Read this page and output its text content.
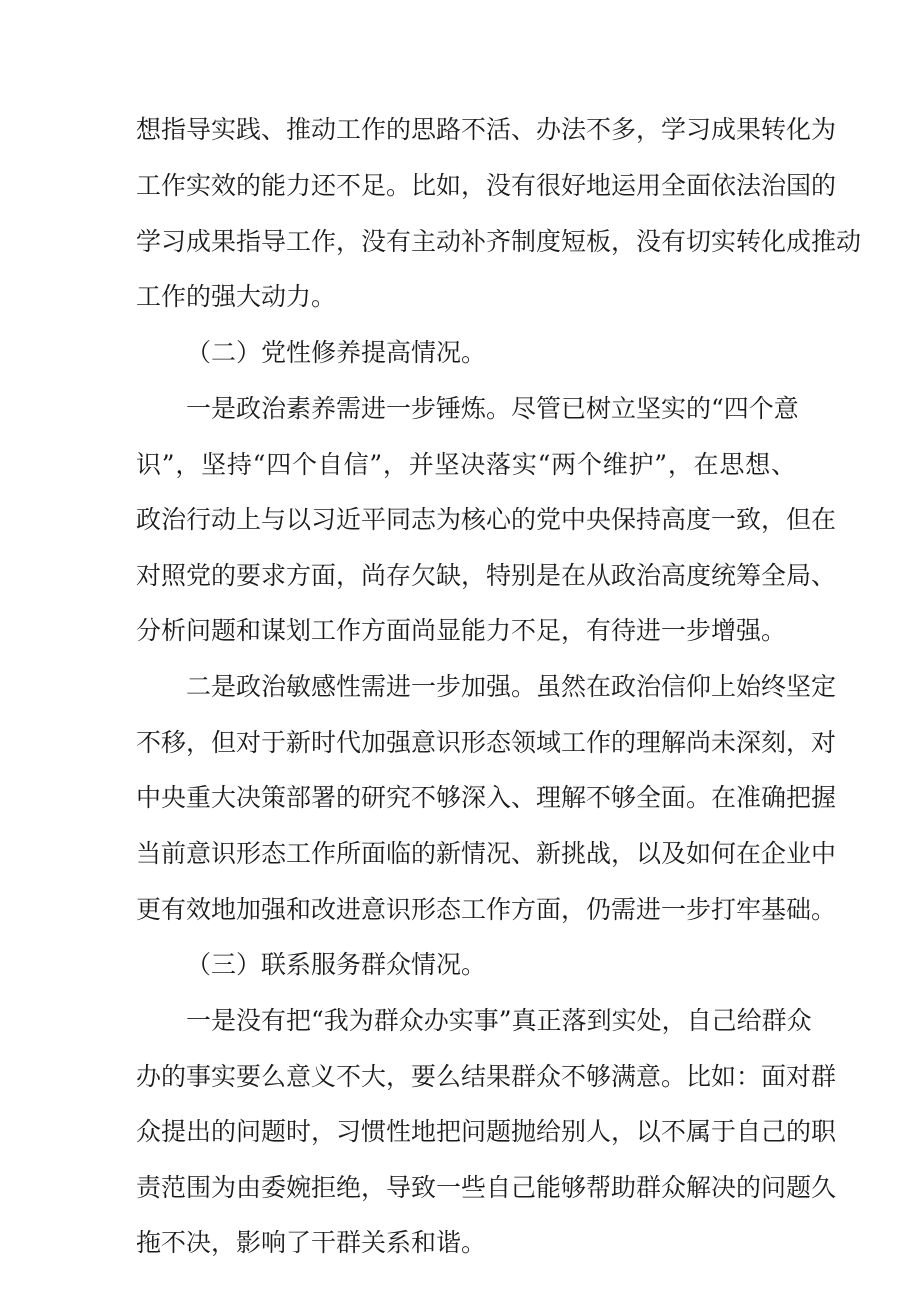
想指导实践、推动工作的思路不活、办法不多，学习成果转化为
工作实效的能力还不足。比如，没有很好地运用全面依法治国的
学习成果指导工作，没有主动补齐制度短板，没有切实转化成推动
工作的强大动力。
（二）党性修养提高情况。
一是政治素养需进一步锤炼。尽管已树立坚实的“四个意
识”，坚持“四个自信”，并坚决落实“两个维护”，在思想、
政治行动上与以习近平同志为核心的党中央保持高度一致，但在
对照党的要求方面，尚存欠缺，特别是在从政治高度统筹全局、
分析问题和谋划工作方面尚显能力不足，有待进一步增强。
二是政治敏感性需进一步加强。虽然在政治信仰上始终坚定
不移，但对于新时代加强意识形态领域工作的理解尚未深刻，对
中央重大决策部署的研究不够深入、理解不够全面。在准确把握
当前意识形态工作所面临的新情况、新挑战，以及如何在企业中
更有效地加强和改进意识形态工作方面，仍需进一步打牢基础。
（三）联系服务群众情况。
一是没有把“我为群众办实事”真正落到实处，自己给群众
办的事实要么意义不大，要么结果群众不够满意。比如：面对群
众提出的问题时，习惯性地把问题抛给别人，以不属于自己的职
责范围为由委婉拒绝，导致一些自己能够帮助群众解决的问题久
拖不决，影响了干群关系和谐。
